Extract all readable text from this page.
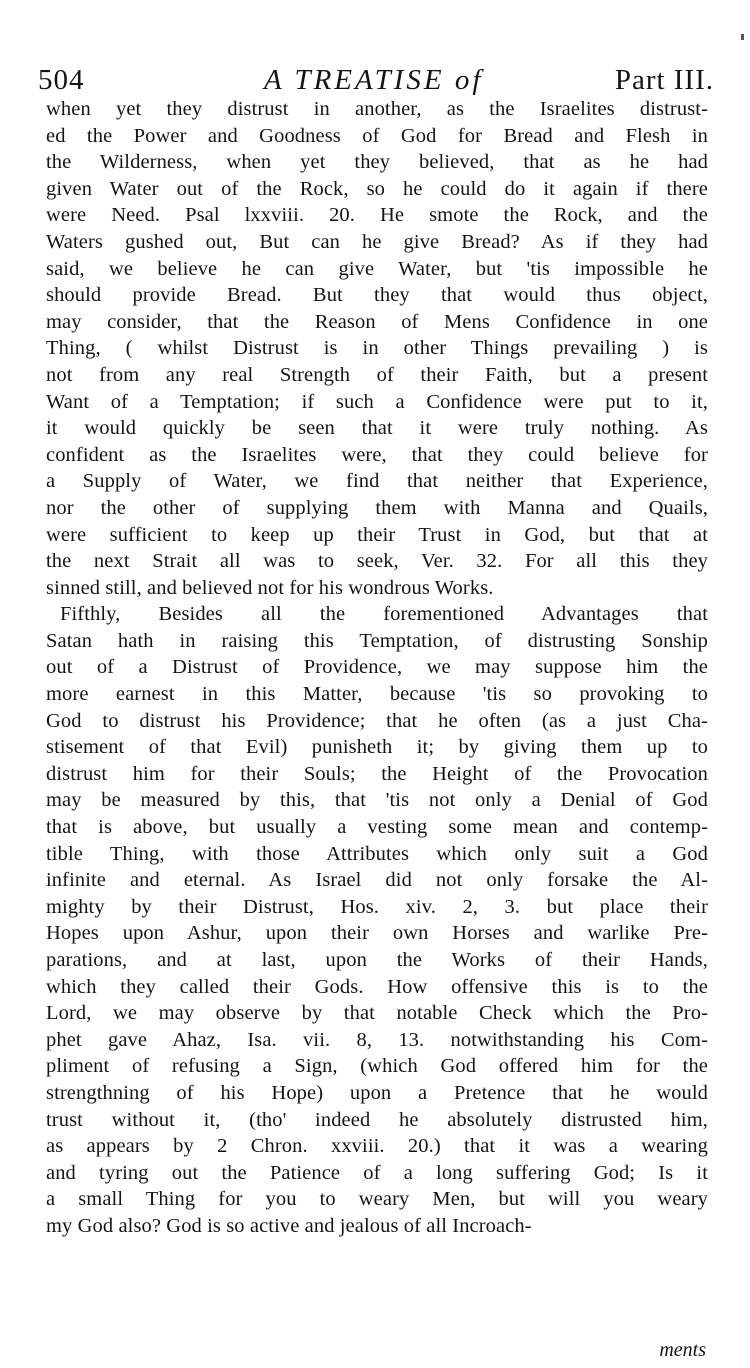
504	A TREATISE of	Part III.
when yet they distrust in another, as the Israelites distrust-
ed the Power and Goodness of God for Bread and Flesh in
the Wilderness, when yet they believed, that as he had
given Water out of the Rock, so he could do it again if there
were Need. Psal lxxviii. 20. He smote the Rock, and the
Waters gushed out, But can he give Bread? As if they had
said, we believe he can give Water, but 'tis impossible he
should provide Bread. But they that would thus object,
may consider, that the Reason of Mens Confidence in one
Thing, ( whilst Distrust is in other Things prevailing ) is
not from any real Strength of their Faith, but a present
Want of a Temptation; if such a Confidence were put to it,
it would quickly be seen that it were truly nothing. As
confident as the Israelites were, that they could believe for
a Supply of Water, we find that neither that Experience,
nor the other of supplying them with Manna and Quails,
were sufficient to keep up their Trust in God, but that at
the next Strait all was to seek, Ver. 32. For all this they
sinned still, and believed not for his wondrous Works.
Fifthly, Besides all the forementioned Advantages that
Satan hath in raising this Temptation, of distrusting Sonship
out of a Distrust of Providence, we may suppose him the
more earnest in this Matter, because 'tis so provoking to
God to distrust his Providence; that he often (as a just Cha-
stisement of that Evil) punisheth it; by giving them up to
distrust him for their Souls; the Height of the Provocation
may be measured by this, that 'tis not only a Denial of God
that is above, but usually a vesting some mean and contemp-
tible Thing, with those Attributes which only suit a God
infinite and eternal. As Israel did not only forsake the Al-
mighty by their Distrust, Hos. xiv. 2, 3. but place their
Hopes upon Ashur, upon their own Horses and warlike Pre-
parations, and at last, upon the Works of their Hands,
which they called their Gods. How offensive this is to the
Lord, we may observe by that notable Check which the Pro-
phet gave Ahaz, Isa. vii. 8, 13. notwithstanding his Com-
pliment of refusing a Sign, (which God offered him for the
strengthning of his Hope) upon a Pretence that he would
trust without it, (tho' indeed he absolutely distrusted him,
as appears by 2 Chron. xxviii. 20.) that it was a wearing
and tyring out the Patience of a long suffering God; Is it
a small Thing for you to weary Men, but will you weary
my God also? God is so active and jealous of all Incroach-
ments
